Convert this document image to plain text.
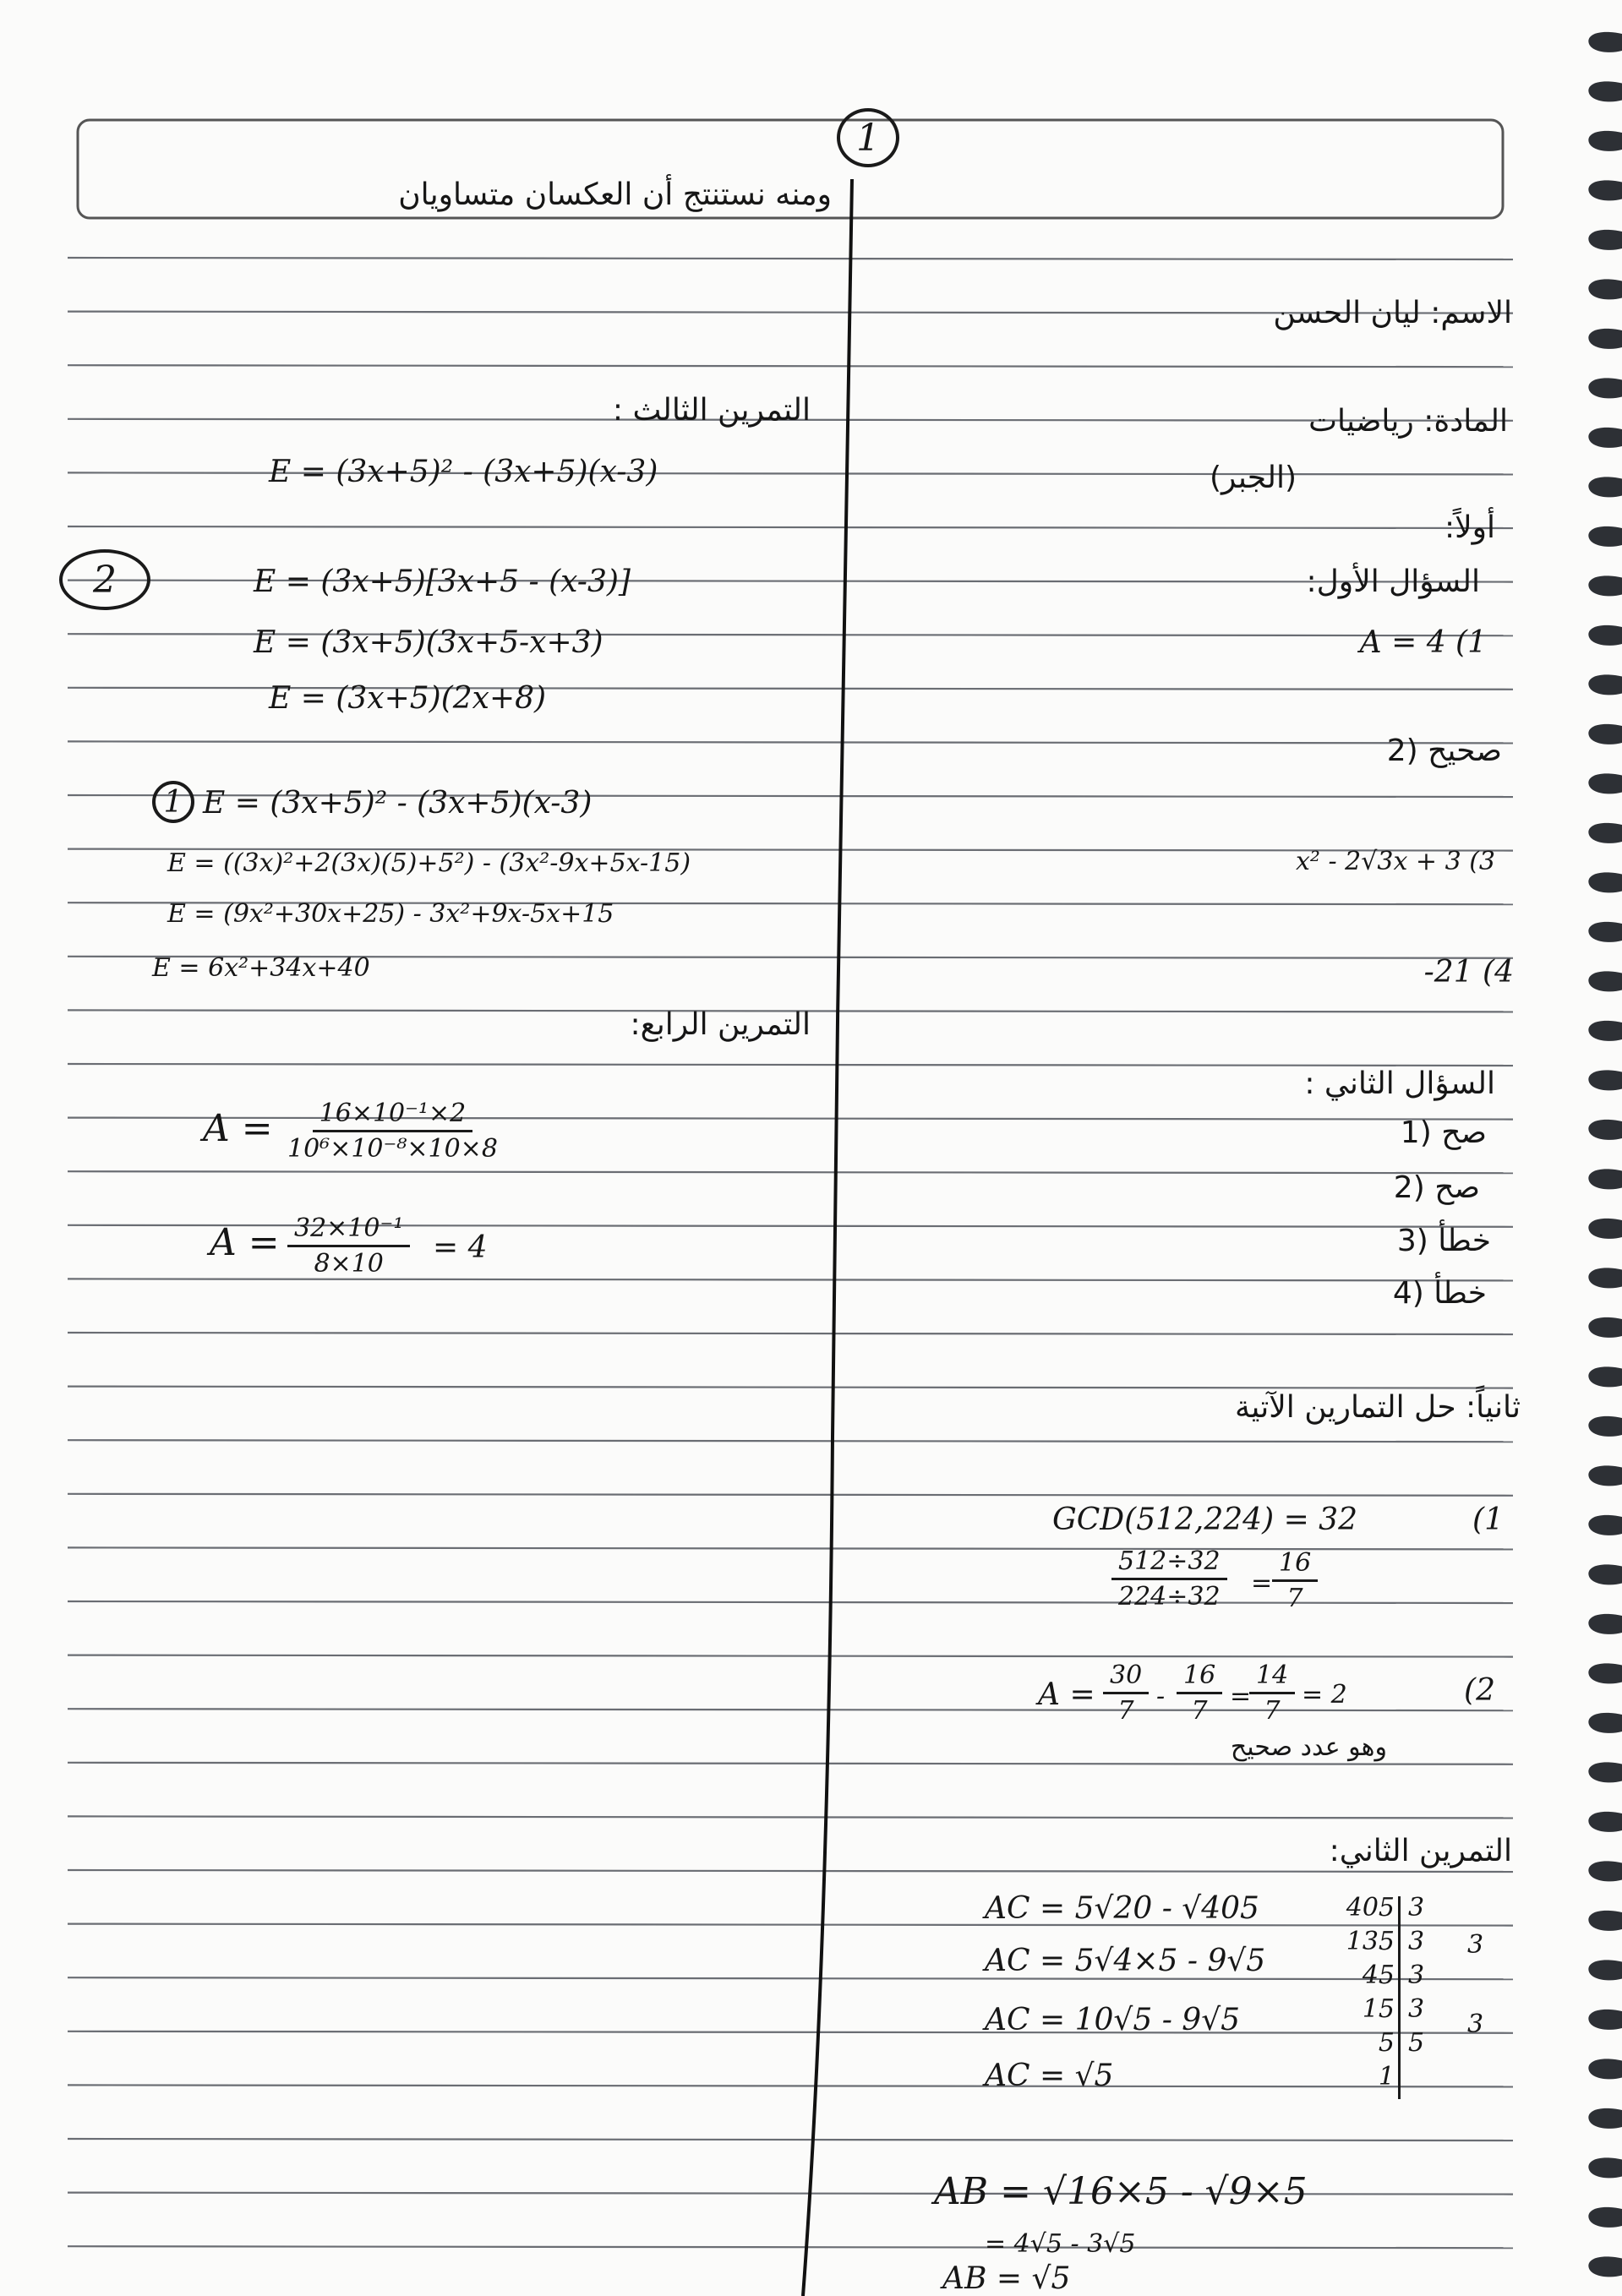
1
ومنه نستنتج أن العكسان متساويان
التمرين الثالث :
E = (3x+5)² - (3x+5)(x-3)
2	E = (3x+5)[3x+5 - (x-3)]
E = (3x+5)(3x+5-x+3)
E = (3x+5)(2x+8)
1 E = (3x+5)² - (3x+5)(x-3)
E = ((3x)²+2(3x)(5)+5²) - (3x²-9x+5x-15)
E = (9x²+30x+25) - 3x²+9x-5x+15
E = 6x²+34x+40
التمرين الرابع:
$A = \frac{\text{16×10⁻¹×2}}{\text{10⁶×10⁻⁸×10×8}}$
$A = \frac{\text{32×10⁻¹}}{8\times 10} = 4$
الاسم: ليان الحسن
المادة: رياضيات
(الجبر)
أولاً:
السؤال الأول:
A = 4 (1
صحيح (2
x² - 2√3x + 3 (3
-21 (4
السؤال الثاني :
صح (1
صح (2
خطأ (3
خطأ (4
ثانياً: حل التمارين الآتية
(1
GCD(512,224) = 32
$\frac{512\div 32}{224\div 32} = \frac{16}{7}$
(2
$A = \frac{30}{7} - \frac{16}{7}$ =
$\frac{14}{7} = 2$
وهو عدد صحيح
التمرين الثاني:
AC = 5√20 - √405
AC = 5√4×5 - 9√5
AC = 10√5 - 9√5
AC = √5
405
135
45
15
5
1
3
3
3
3
5
3
3
AB = √16×5 - √9×5
= 4√5 - 3√5
AB = √5
